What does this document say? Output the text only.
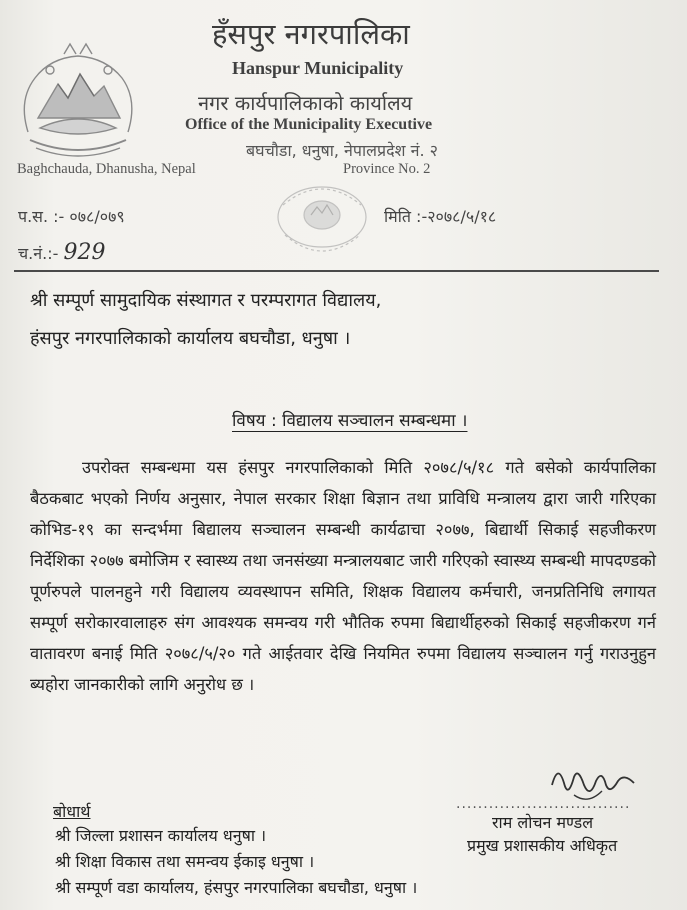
हँसपुर नगरपालिका
Hanspur Municipality
नगर कार्यपालिकाको कार्यालय
Office of the Municipality Executive
बघचौडा, धनुषा, नेपालप्रदेश नं. २
Baghchauda, Dhanusha, Nepal	Province No. 2
प.स. :- ०७८/०७९
च.नं.:- 929
मिति :-२०७८/५/१८
श्री सम्पूर्ण सामुदायिक संस्थागत र परम्परागत विद्यालय,
हंसपुर नगरपालिकाको कार्यालय बघचौडा, धनुषा ।
विषय : विद्यालय सञ्चालन सम्बन्धमा ।
उपरोक्त सम्बन्धमा यस हंसपुर नगरपालिकाको मिति २०७८/५/१८ गते बसेको कार्यपालिका बैठकबाट भएको निर्णय अनुसार, नेपाल सरकार शिक्षा बिज्ञान तथा प्राविधि मन्त्रालय द्वारा जारी गरिएका कोभिड-१९ का सन्दर्भमा बिद्यालय सञ्चालन सम्बन्धी कार्यढाचा २०७७, बिद्यार्थी सिकाई सहजीकरण निर्देशिका २०७७ बमोजिम र स्वास्थ्य तथा जनसंख्या मन्त्रालयबाट जारी गरिएको स्वास्थ्य सम्बन्धी मापदण्डको पूर्णरुपले पालनहुने गरी विद्यालय व्यवस्थापन समिति, शिक्षक विद्यालय कर्मचारी, जनप्रतिनिधि लगायत सम्पूर्ण सरोकारवालाहरु संग आवश्यक समन्वय गरी भौतिक रुपमा बिद्यार्थीहरुको सिकाई सहजीकरण गर्न वातावरण बनाई मिति २०७८/५/२० गते आईतवार देखि नियमित रुपमा विद्यालय सञ्चालन गर्नु गराउनुहुन ब्यहोरा जानकारीको लागि अनुरोध छ ।
................................
राम लोचन मण्डल
प्रमुख प्रशासकीय अधिकृत
बोधार्थ
श्री जिल्ला प्रशासन कार्यालय धनुषा ।
श्री शिक्षा विकास तथा समन्वय ईकाइ धनुषा ।
श्री सम्पूर्ण वडा कार्यालय, हंसपुर नगरपालिका बघचौडा, धनुषा ।
